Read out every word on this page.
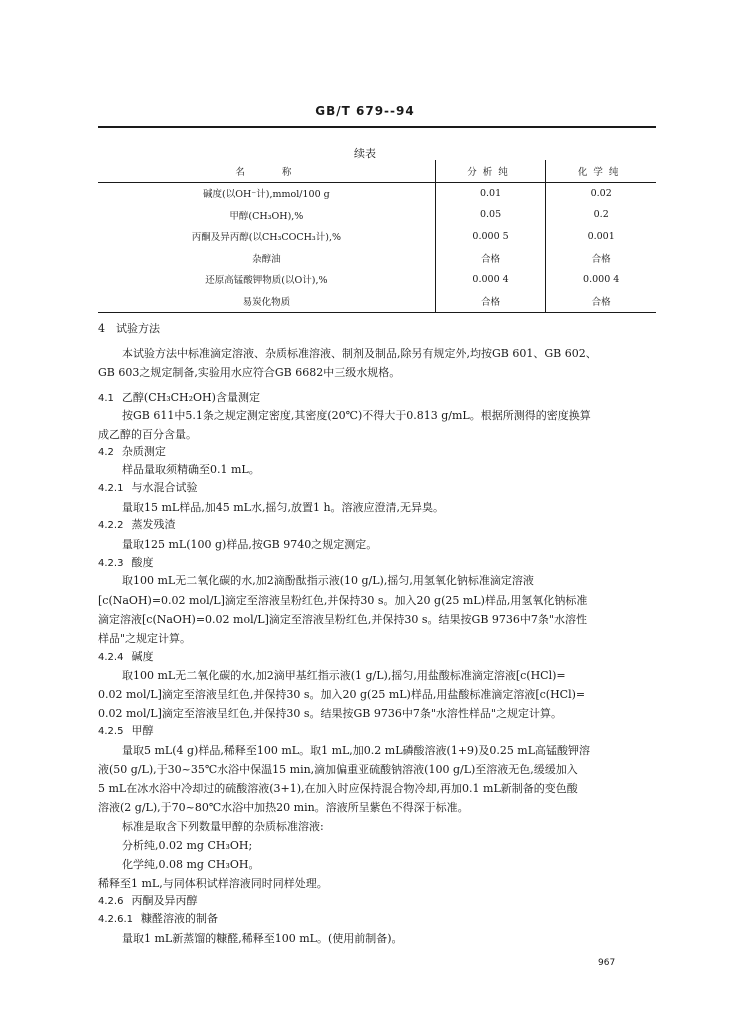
GB/T 679--94
续表
名　　称	分析纯	化学纯
碱度(以OH⁻计),mmol/100 g	0.01	0.02
甲醇(CH₃OH),%	0.05	0.2
丙酮及异丙醇(以CH₃COCH₃计),%	0.000 5	0.001
杂醇油	合格	合格
还原高锰酸钾物质(以O计),%	0.000 4	0.000 4
易炭化物质	合格	合格
4　试验方法
本试验方法中标准滴定溶液、杂质标准溶液、制剂及制品,除另有规定外,均按GB 601、GB 602、
GB 603之规定制备,实验用水应符合GB 6682中三级水规格。
4.1 乙醇(CH₃CH₂OH)含量测定
按GB 611中5.1条之规定测定密度,其密度(20℃)不得大于0.813 g/mL。根据所测得的密度换算
成乙醇的百分含量。
4.2 杂质测定
样品量取须精确至0.1 mL。
4.2.1 与水混合试验
量取15 mL样品,加45 mL水,摇匀,放置1 h。溶液应澄清,无异臭。
4.2.2 蒸发残渣
量取125 mL(100 g)样品,按GB 9740之规定测定。
4.2.3 酸度
取100 mL无二氧化碳的水,加2滴酚酞指示液(10 g/L),摇匀,用氢氧化钠标准滴定溶液
[c(NaOH)=0.02 mol/L]滴定至溶液呈粉红色,并保持30 s。加入20 g(25 mL)样品,用氢氧化钠标准
滴定溶液[c(NaOH)=0.02 mol/L]滴定至溶液呈粉红色,并保持30 s。结果按GB 9736中7条"水溶性
样品"之规定计算。
4.2.4 碱度
取100 mL无二氧化碳的水,加2滴甲基红指示液(1 g/L),摇匀,用盐酸标准滴定溶液[c(HCl)=
0.02 mol/L]滴定至溶液呈红色,并保持30 s。加入20 g(25 mL)样品,用盐酸标准滴定溶液[c(HCl)=
0.02 mol/L]滴定至溶液呈红色,并保持30 s。结果按GB 9736中7条"水溶性样品"之规定计算。
4.2.5 甲醇
量取5 mL(4 g)样品,稀释至100 mL。取1 mL,加0.2 mL磷酸溶液(1+9)及0.25 mL高锰酸钾溶
液(50 g/L),于30~35℃水浴中保温15 min,滴加偏重亚硫酸钠溶液(100 g/L)至溶液无色,缓缓加入
5 mL在冰水浴中冷却过的硫酸溶液(3+1),在加入时应保持混合物冷却,再加0.1 mL新制备的变色酸
溶液(2 g/L),于70~80℃水浴中加热20 min。溶液所呈紫色不得深于标准。
标准是取含下列数量甲醇的杂质标准溶液:
分析纯,0.02 mg CH₃OH;
化学纯,0.08 mg CH₃OH。
稀释至1 mL,与同体积试样溶液同时同样处理。
4.2.6 丙酮及异丙醇
4.2.6.1 糠醛溶液的制备
量取1 mL新蒸馏的糠醛,稀释至100 mL。(使用前制备)。
967
